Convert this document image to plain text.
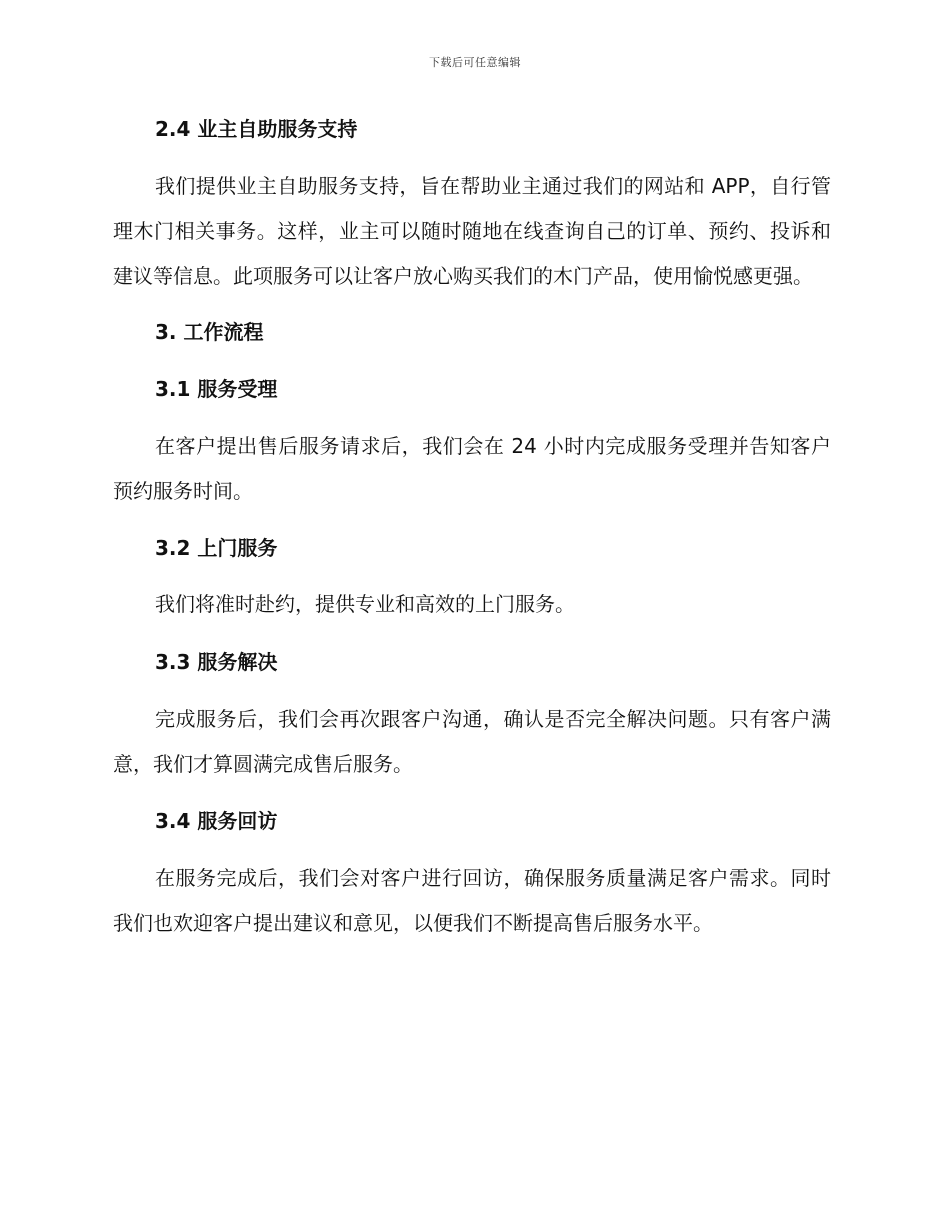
下载后可任意编辑
2.4 业主自助服务支持

我们提供业主自助服务支持，旨在帮助业主通过我们的网站和 APP，自行管理木门相关事务。这样，业主可以随时随地在线查询自己的订单、预约、投诉和建议等信息。此项服务可以让客户放心购买我们的木门产品，使用愉悦感更强。

3. 工作流程
3.1 服务受理

在客户提出售后服务请求后，我们会在 24 小时内完成服务受理并告知客户预约服务时间。

3.2 上门服务

我们将准时赴约，提供专业和高效的上门服务。

3.3 服务解决

完成服务后，我们会再次跟客户沟通，确认是否完全解决问题。只有客户满意，我们才算圆满完成售后服务。

3.4 服务回访

在服务完成后，我们会对客户进行回访，确保服务质量满足客户需求。同时我们也欢迎客户提出建议和意见，以便我们不断提高售后服务水平。
